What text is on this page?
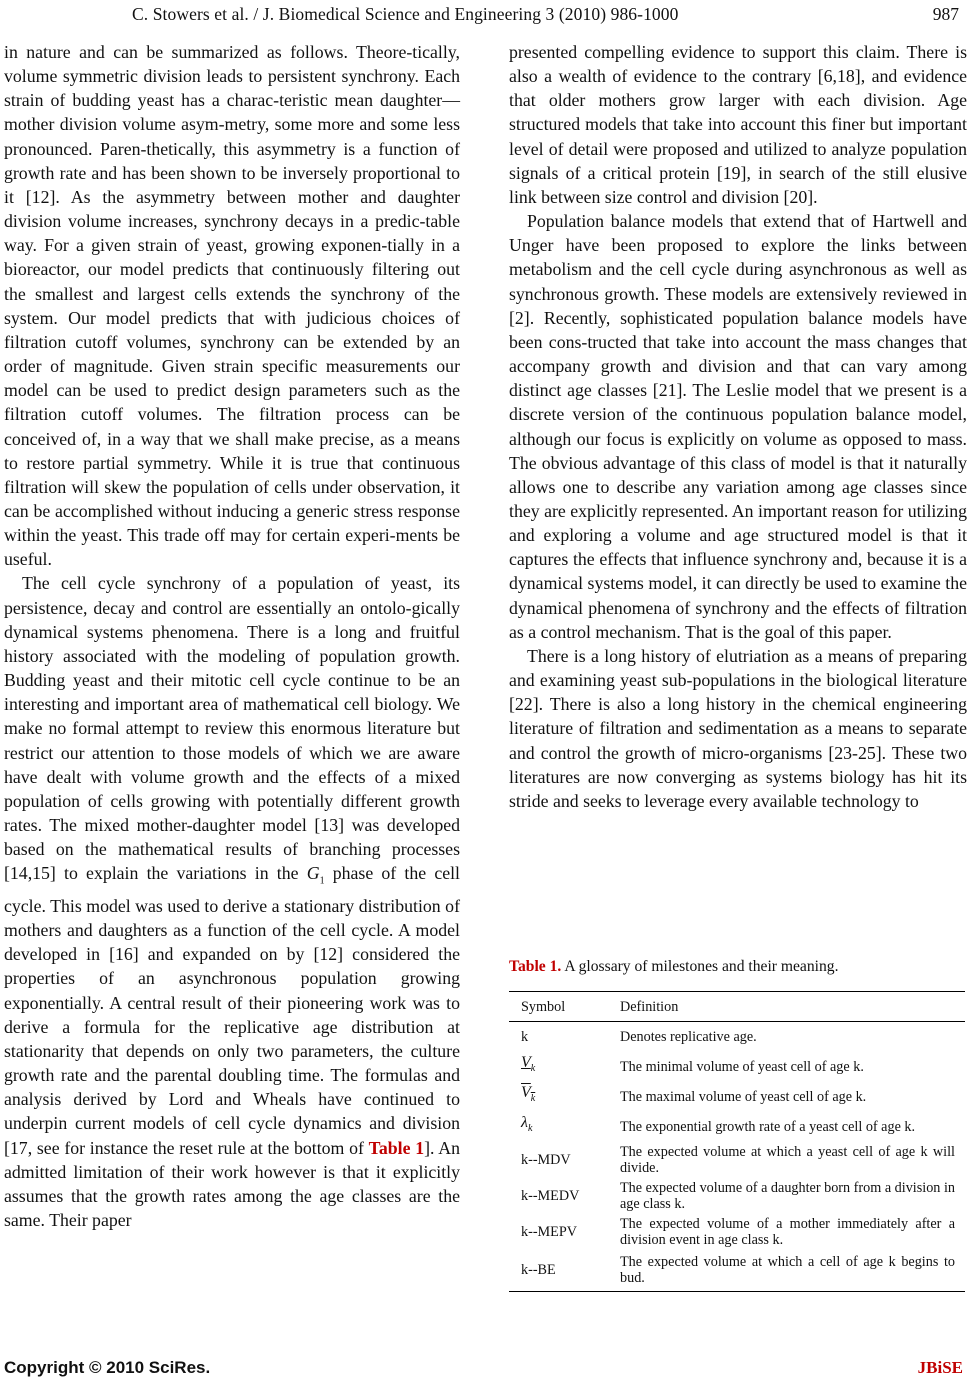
C. Stowers et al. / J. Biomedical Science and Engineering 3 (2010) 986-1000	987

in nature and can be summarized as follows. Theore-tically, volume symmetric division leads to persistent synchrony. Each strain of budding yeast has a charac-teristic mean daughter—mother division volume asym-metry, some more and some less pronounced. Paren-thetically, this asymmetry is a function of growth rate and has been shown to be inversely proportional to it [12]. As the asymmetry between mother and daughter division volume increases, synchrony decays in a predic-table way. For a given strain of yeast, growing exponen-tially in a bioreactor, our model predicts that continuously filtering out the smallest and largest cells extends the synchrony of the system. Our model predicts that with judicious choices of filtration cutoff volumes, synchrony can be extended by an order of magnitude. Given strain specific measurements our model can be used to predict design parameters such as the filtration cutoff volumes. The filtration process can be conceived of, in a way that we shall make precise, as a means to restore partial symmetry. While it is true that continuous filtration will skew the population of cells under observation, it can be accomplished without inducing a generic stress response within the yeast. This trade off may for certain experi-ments be useful.

The cell cycle synchrony of a population of yeast, its persistence, decay and control are essentially an ontolo-gically dynamical systems phenomena. There is a long and fruitful history associated with the modeling of population growth. Budding yeast and their mitotic cell cycle continue to be an interesting and important area of mathematical cell biology. We make no formal attempt to review this enormous literature but restrict our attention to those models of which we are aware have dealt with volume growth and the effects of a mixed population of cells growing with potentially different growth rates. The mixed mother-daughter model [13] was developed based on the mathematical results of branching processes [14,15] to explain the variations in the $G_1$ phase of the cell cycle. This model was used to derive a stationary distribution of mothers and daughters as a function of the cell cycle. A model developed in [16] and expanded on by [12] considered the properties of an asynchronous population growing exponentially. A central result of their pioneering work was to derive a formula for the replicative age distribution at stationarity that depends on only two parameters, the culture growth rate and the parental doubling time. The formulas and analysis derived by Lord and Wheals have continued to underpin current models of cell cycle dynamics and division [17, see for instance the reset rule at the bottom of Table 1]. An admitted limitation of their work however is that it explicitly assumes that the growth rates among the age classes are the same. Their paper

presented compelling evidence to support this claim. There is also a wealth of evidence to the contrary [6,18], and evidence that older mothers grow larger with each division. Age structured models that take into account this finer but important level of detail were proposed and utilized to analyze population signals of a critical protein [19], in search of the still elusive link between size control and division [20].

Population balance models that extend that of Hartwell and Unger have been proposed to explore the links between metabolism and the cell cycle during asynchronous as well as synchronous growth. These models are extensively reviewed in [2]. Recently, sophisticated population balance models have been cons-tructed that take into account the mass changes that accompany growth and division and that can vary among distinct age classes [21]. The Leslie model that we present is a discrete version of the continuous population balance model, although our focus is explicitly on volume as opposed to mass. The obvious advantage of this class of model is that it naturally allows one to describe any variation among age classes since they are explicitly represented. An important reason for utilizing and exploring a volume and age structured model is that it captures the effects that influence synchrony and, because it is a dynamical systems model, it can directly be used to examine the dynamical phenomena of synchrony and the effects of filtration as a control mechanism. That is the goal of this paper.

There is a long history of elutriation as a means of preparing and examining yeast sub-populations in the biological literature [22]. There is also a long history in the chemical engineering literature of filtration and sedimentation as a means to separate and control the growth of micro-organisms [23-25]. These two literatures are now converging as systems biology has hit its stride and seeks to leverage every available technology to

Table 1. A glossary of milestones and their meaning.
Symbol	Definition
k	Denotes replicative age.
$V_k$	The minimal volume of yeast cell of age k.
$V_k$	The maximal volume of yeast cell of age k.
$\lambda_k$	The exponential growth rate of a yeast cell of age k.
k--MDV	The expected volume at which a yeast cell of age k will divide.
k--MEDV	The expected volume of a daughter born from a division in age class k.
k--MEPV	The expected volume of a mother immediately after a division event in age class k.
k--BE	The expected volume at which a cell of age k begins to bud.
Copyright © 2010 SciRes.	JBiSE
